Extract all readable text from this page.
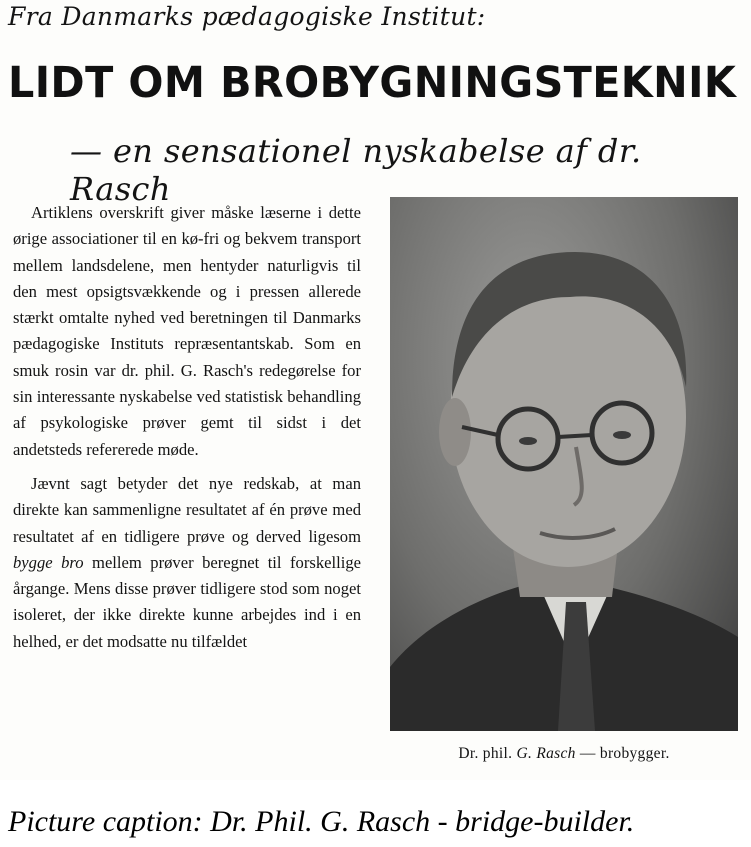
Fra Danmarks pædagogiske Institut:
LIDT OM BROBYGNINGSTEKNIK
— en sensationel nyskabelse af dr. Rasch

Artiklens overskrift giver måske læserne i dette ørige associationer til en kø-fri og bekvem transport mellem landsdelene, men hentyder naturligvis til den mest opsigtsvækkende og i pressen allerede stærkt omtalte nyhed ved beretningen til Danmarks pædagogiske Instituts repræsentantskab. Som en smuk rosin var dr. phil. G. Rasch's redegørelse for sin interessante nyskabelse ved statistisk behandling af psykologiske prøver gemt til sidst i det andetsteds refererede møde.

Jævnt sagt betyder det nye redskab, at man direkte kan sammenligne resultatet af én prøve med resultatet af en tidligere prøve og derved ligesom bygge bro mellem prøver beregnet til forskellige årgange. Mens disse prøver tidligere stod som noget isoleret, der ikke direkte kunne arbejdes ind i en helhed, er det modsatte nu tilfældet

Dr. phil. G. Rasch — brobygger.
Picture caption: Dr. Phil. G. Rasch - bridge-builder.
